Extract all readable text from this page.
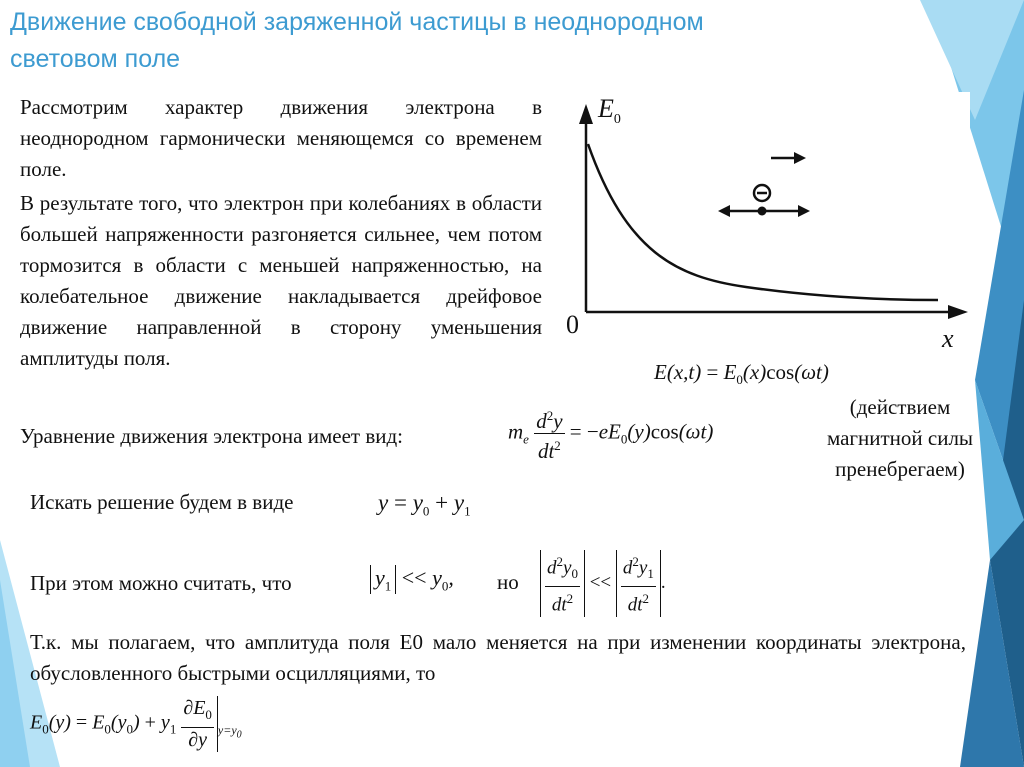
Движение свободной заряженной частицы в неоднородном световом поле
Рассмотрим характер движения электрона в неоднородном гармонически меняющемся со временем поле.
В результате того, что электрон при колебаниях в области большей напряженности разгоняется сильнее, чем потом тормозится в области с меньшей напряженностью, на колебательное движение накладывается дрейфовое движение направленной в сторону уменьшения амплитуды поля.
$E_0$
0	x
$E(x,t) = E_0(x)\cos(\omega t)$
(действием магнитной силы пренебрегаем)
Уравнение движения электрона имеет вид:	$m_e \frac{d^2y}{dt^2} = -eE_0(y)\cos(\omega t)$
Искать решение будем в виде	$y = y_0 + y_1$
При этом можно считать, что	$y_1 << y_0$, но $\frac{d^2y_0}{dt^2} << \frac{d^2y_1}{dt^2}$ .
Т.к. мы полагаем, что амплитуда поля E0 мало меняется на при изменении координаты электрона, обусловленного быстрыми осцилляциями, то
$E_0(y) = E_0(y_0) + y_1 \frac{\partial E_0}{\partial y} _{y=y_0}$
